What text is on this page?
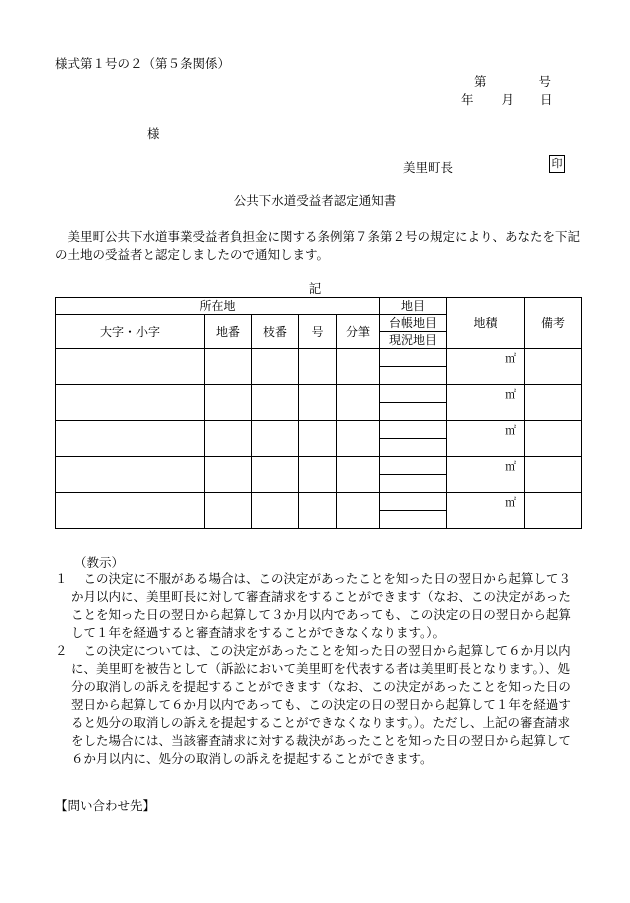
様式第１号の２（第５条関係）
第	号
年 月 日
様
美里町長	印
公共下水道受益者認定通知書
美里町公共下水道事業受益者負担金に関する条例第７条第２号の規定により、あなたを下記の土地の受益者と認定しましたので通知します。
記
所在地					地目	地積	備考
大字・小字	地番	枝番	号	分筆	台帳地目		
					現況地目		
						㎡	

						㎡	

						㎡	

						㎡	

						㎡	

（教示）
１	この決定に不服がある場合は、この決定があったことを知った日の翌日から起算して３か月以内に、美里町長に対して審査請求をすることができます（なお、この決定があったことを知った日の翌日から起算して３か月以内であっても、この決定の日の翌日から起算して１年を経過すると審査請求をすることができなくなります。）。
２	この決定については、この決定があったことを知った日の翌日から起算して６か月以内に、美里町を被告として（訴訟において美里町を代表する者は美里町長となります。）、処分の取消しの訴えを提起することができます（なお、この決定があったことを知った日の翌日から起算して６か月以内であっても、この決定の日の翌日から起算して１年を経過すると処分の取消しの訴えを提起することができなくなります。）。ただし、上記の審査請求をした場合には、当該審査請求に対する裁決があったことを知った日の翌日から起算して６か月以内に、処分の取消しの訴えを提起することができます。
【問い合わせ先】
